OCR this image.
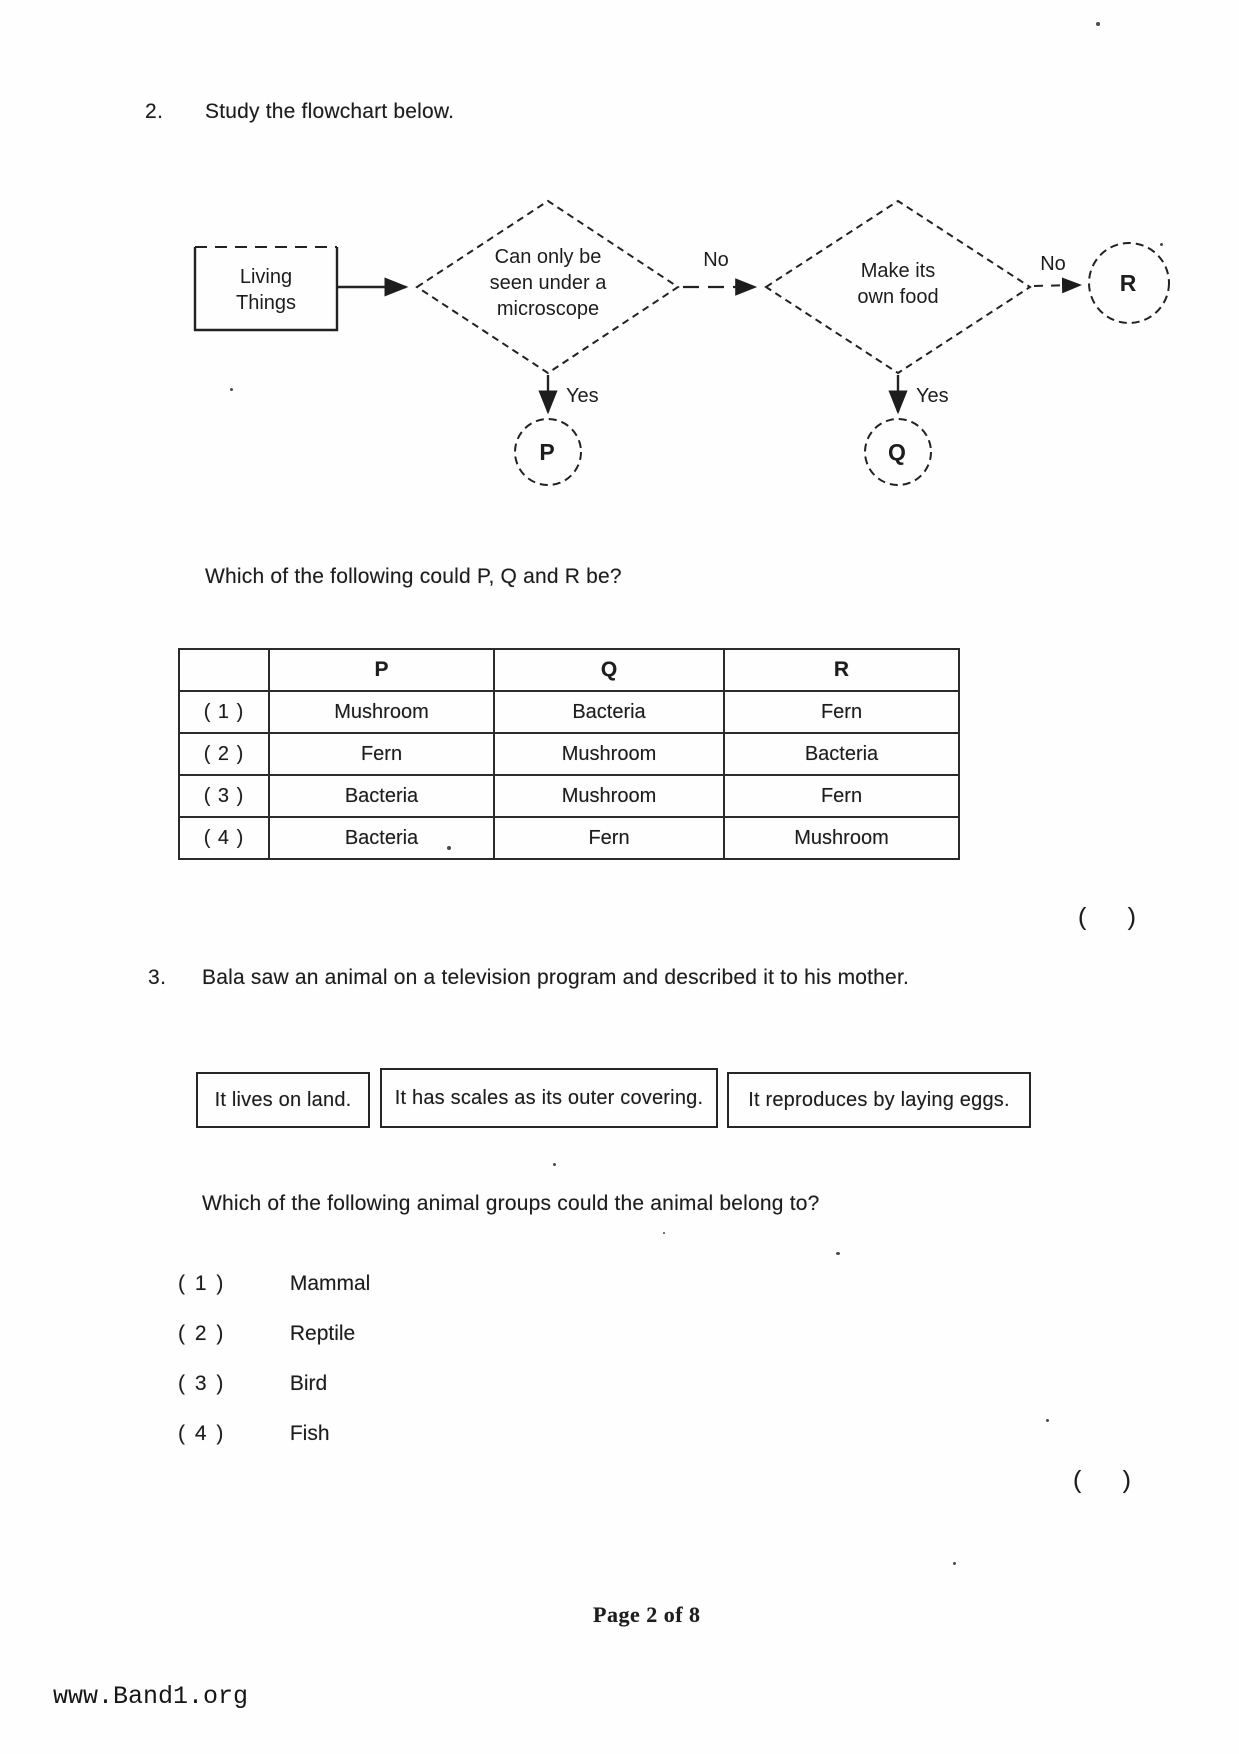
2. Study the flowchart below.
Living
Things
Can only be
seen under a
microscope
No	Make its
own food
No
R
Yes
P
Yes
Q
Which of the following could P, Q and R be?
	P	Q	R
( 1 )	Mushroom	Bacteria	Fern
( 2 )	Fern	Mushroom	Bacteria
( 3 )	Bacteria	Mushroom	Fern
( 4 )	Bacteria	Fern	Mushroom
( )
3. Bala saw an animal on a television program and described it to his mother.
It lives on land.	It has scales as its outer covering.	It reproduces by laying eggs.
Which of the following animal groups could the animal belong to?
( 1 )	Mammal
( 2 )	Reptile
( 3 )	Bird
( 4 )	Fish
( )
Page 2 of 8
www.Band1.org
